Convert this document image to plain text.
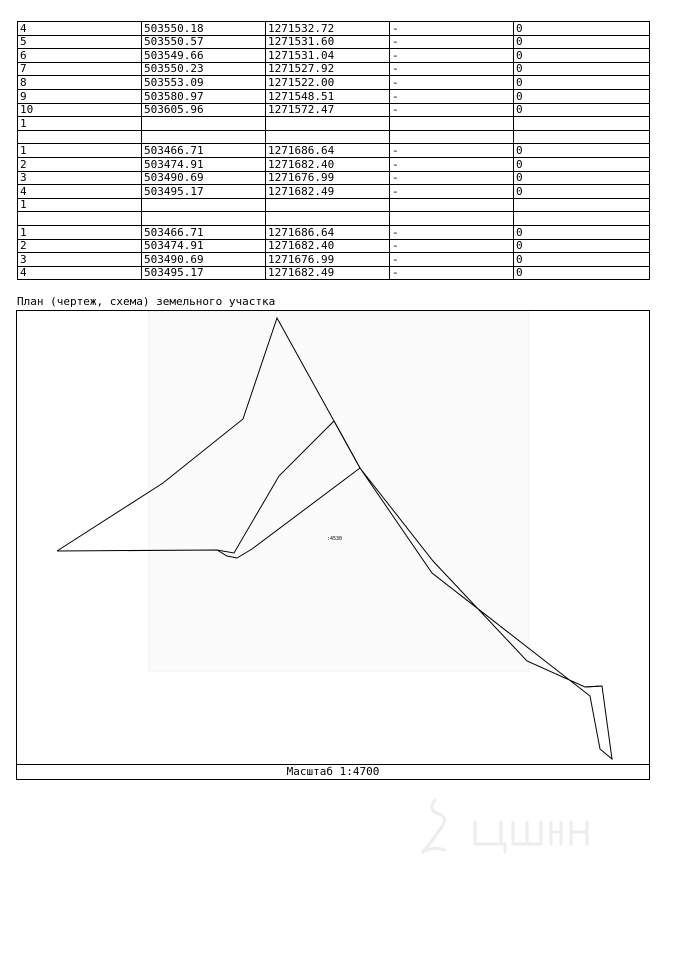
4	503550.18	1271532.72	-	0
5	503550.57	1271531.60	-	0
6	503549.66	1271531.04	-	0
7	503550.23	1271527.92	-	0
8	503553.09	1271522.00	-	0
9	503580.97	1271548.51	-	0
10	503605.96	1271572.47	-	0
1				

1	503466.71	1271686.64	-	0
2	503474.91	1271682.40	-	0
3	503490.69	1271676.99	-	0
4	503495.17	1271682.49	-	0
1				

1	503466.71	1271686.64	-	0
2	503474.91	1271682.40	-	0
3	503490.69	1271676.99	-	0
4	503495.17	1271682.49	-	0
План (чертеж, схема) земельного участка
:4530
Масштаб 1:4700
